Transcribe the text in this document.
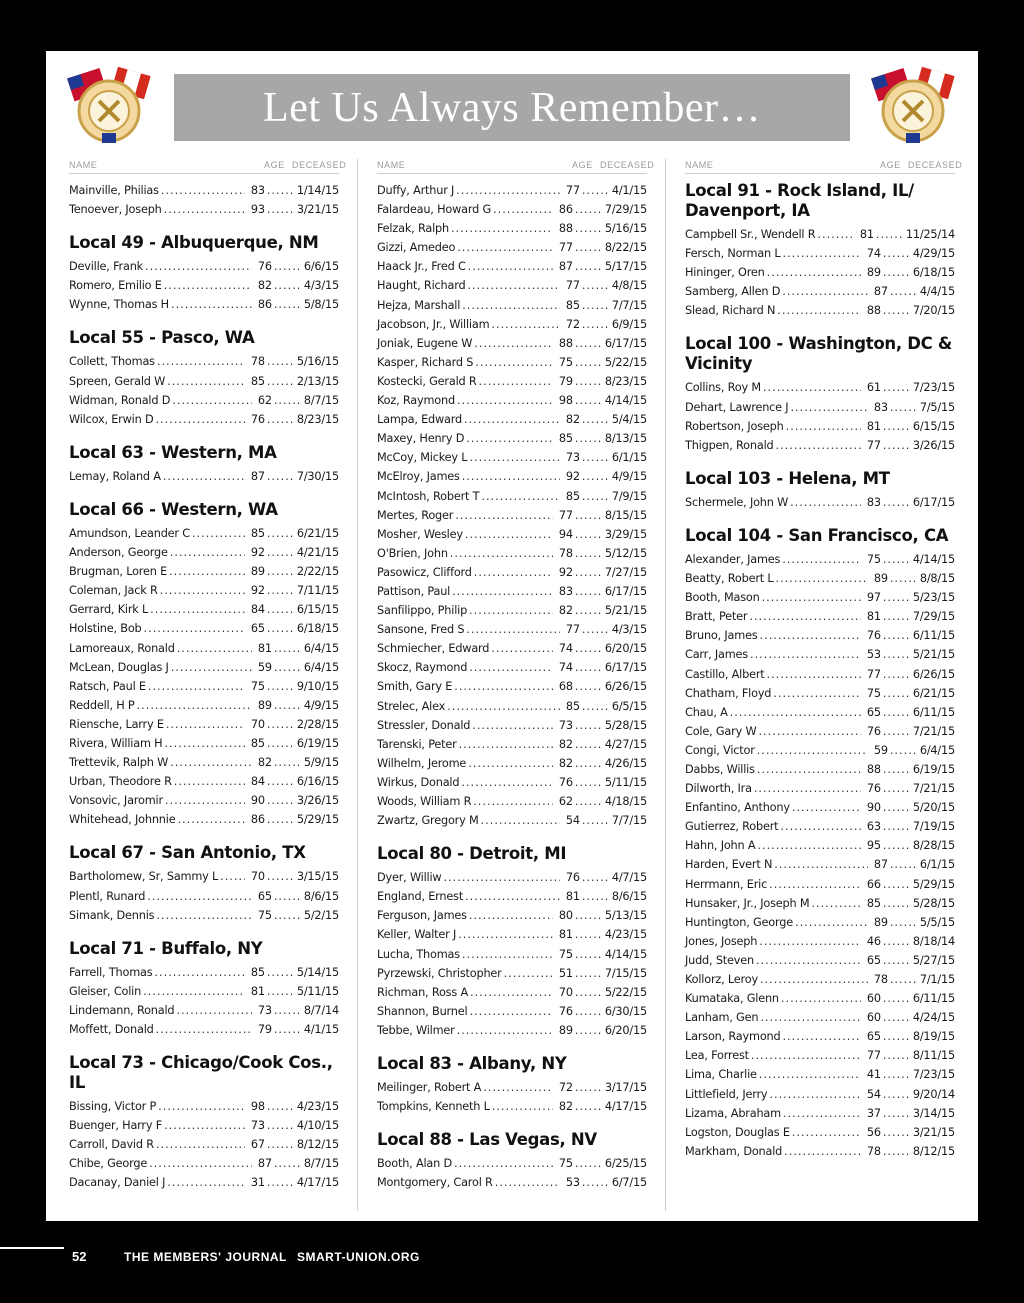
Let Us Always Remember…
NAME	AGE DECEASED
Mainville, Philias .....	83 .....	1/14/15
Tenoever, Joseph .....	93 .....	3/21/15
Local 49 - Albuquerque, NM
Deville, Frank .....	76 .....	6/6/15
Romero, Emilio E .....	82 .....	4/3/15
Wynne, Thomas H .....	86 .....	5/8/15
Local 55 - Pasco, WA
Collett, Thomas .....	78 .....	5/16/15
Spreen, Gerald W .....	85 .....	2/13/15
Widman, Ronald D .....	62 .....	8/7/15
Wilcox, Erwin D .....	76 .....	8/23/15
Local 63 - Western, MA
Lemay, Roland A .....	87 .....	7/30/15
Local 66 - Western, WA
Amundson, Leander C .....	85 .....	6/21/15
Anderson, George .....	92 .....	4/21/15
Brugman, Loren E .....	89 .....	2/22/15
Coleman, Jack R .....	92 .....	7/11/15
Gerrard, Kirk L .....	84 .....	6/15/15
Holstine, Bob .....	65 .....	6/18/15
Lamoreaux, Ronald .....	81 .....	6/4/15
McLean, Douglas J .....	59 .....	6/4/15
Ratsch, Paul E .....	75 .....	9/10/15
Reddell, H P .....	89 .....	4/9/15
Riensche, Larry E .....	70 .....	2/28/15
Rivera, William H .....	85 .....	6/19/15
Trettevik, Ralph W .....	82 .....	5/9/15
Urban, Theodore R .....	84 .....	6/16/15
Vonsovic, Jaromir .....	90 .....	3/26/15
Whitehead, Johnnie .....	86 .....	5/29/15
Local 67 - San Antonio, TX
Bartholomew, Sr, Sammy L .....	70 .....	3/15/15
Plentl, Runard .....	65 .....	8/6/15
Simank, Dennis .....	75 .....	5/2/15
Local 71 - Buffalo, NY
Farrell, Thomas .....	85 .....	5/14/15
Gleiser, Colin .....	81 .....	5/11/15
Lindemann, Ronald .....	73 .....	8/7/14
Moffett, Donald .....	79 .....	4/1/15
Local 73 - Chicago/Cook Cos., IL
Bissing, Victor P .....	98 .....	4/23/15
Buenger, Harry F .....	73 .....	4/10/15
Carroll, David R .....	67 .....	8/12/15
Chibe, George .....	87 .....	8/7/15
Dacanay, Daniel J .....	31 .....	4/17/15
NAME	AGE DECEASED
Duffy, Arthur J .....	77 .....	4/1/15
Falardeau, Howard G .....	86 .....	7/29/15
Felzak, Ralph .....	88 .....	5/16/15
Gizzi, Amedeo .....	77 .....	8/22/15
Haack Jr., Fred C .....	87 .....	5/17/15
Haught, Richard .....	77 .....	4/8/15
Hejza, Marshall .....	85 .....	7/7/15
Jacobson, Jr., William .....	72 .....	6/9/15
Joniak, Eugene W .....	88 .....	6/17/15
Kasper, Richard S .....	75 .....	5/22/15
Kostecki, Gerald R .....	79 .....	8/23/15
Koz, Raymond .....	98 .....	4/14/15
Lampa, Edward .....	82 .....	5/4/15
Maxey, Henry D .....	85 .....	8/13/15
McCoy, Mickey L .....	73 .....	6/1/15
McElroy, James .....	92 .....	4/9/15
McIntosh, Robert T .....	85 .....	7/9/15
Mertes, Roger .....	77 .....	8/15/15
Mosher, Wesley .....	94 .....	3/29/15
O'Brien, John .....	78 .....	5/12/15
Pasowicz, Clifford .....	92 .....	7/27/15
Pattison, Paul .....	83 .....	6/17/15
Sanfilippo, Philip .....	82 .....	5/21/15
Sansone, Fred S .....	77 .....	4/3/15
Schmiecher, Edward .....	74 .....	6/20/15
Skocz, Raymond .....	74 .....	6/17/15
Smith, Gary E .....	68 .....	6/26/15
Strelec, Alex .....	85 .....	6/5/15
Stressler, Donald .....	73 .....	5/28/15
Tarenski, Peter .....	82 .....	4/27/15
Wilhelm, Jerome .....	82 .....	4/26/15
Wirkus, Donald .....	76 .....	5/11/15
Woods, William R .....	62 .....	4/18/15
Zwartz, Gregory M .....	54 .....	7/7/15
Local 80 - Detroit, MI
Dyer, Williw .....	76 .....	4/7/15
England, Ernest .....	81 .....	8/6/15
Ferguson, James .....	80 .....	5/13/15
Keller, Walter J .....	81 .....	4/23/15
Lucha, Thomas .....	75 .....	4/14/15
Pyrzewski, Christopher .....	51 .....	7/15/15
Richman, Ross A .....	70 .....	5/22/15
Shannon, Burnel .....	76 .....	6/30/15
Tebbe, Wilmer .....	89 .....	6/20/15
Local 83 - Albany, NY
Meilinger, Robert A .....	72 .....	3/17/15
Tompkins, Kenneth L .....	82 .....	4/17/15
Local 88 - Las Vegas, NV
Booth, Alan D .....	75 .....	6/25/15
Montgomery, Carol R .....	53 .....	6/7/15
NAME	AGE DECEASED
Local 91 - Rock Island, IL/ Davenport, IA
Campbell Sr., Wendell R .....	81 .....	11/25/14
Fersch, Norman L .....	74 .....	4/29/15
Hininger, Oren .....	89 .....	6/18/15
Samberg, Allen D .....	87 .....	4/4/15
Slead, Richard N .....	88 .....	7/20/15
Local 100 - Washington, DC & Vicinity
Collins, Roy M .....	61 .....	7/23/15
Dehart, Lawrence J .....	83 .....	7/5/15
Robertson, Joseph .....	81 .....	6/15/15
Thigpen, Ronald .....	77 .....	3/26/15
Local 103 - Helena, MT
Schermele, John W .....	83 .....	6/17/15
Local 104 - San Francisco, CA
Alexander, James .....	75 .....	4/14/15
Beatty, Robert L .....	89 .....	8/8/15
Booth, Mason .....	97 .....	5/23/15
Bratt, Peter .....	81 .....	7/29/15
Bruno, James .....	76 .....	6/11/15
Carr, James .....	53 .....	5/21/15
Castillo, Albert .....	77 .....	6/26/15
Chatham, Floyd .....	75 .....	6/21/15
Chau, A .....	65 .....	6/11/15
Cole, Gary W .....	76 .....	7/21/15
Congi, Victor .....	59 .....	6/4/15
Dabbs, Willis .....	88 .....	6/19/15
Dilworth, Ira .....	76 .....	7/21/15
Enfantino, Anthony .....	90 .....	5/20/15
Gutierrez, Robert .....	63 .....	7/19/15
Hahn, John A .....	95 .....	8/28/15
Harden, Evert N .....	87 .....	6/1/15
Herrmann, Eric .....	66 .....	5/29/15
Hunsaker, Jr., Joseph M .....	85 .....	5/28/15
Huntington, George .....	89 .....	5/5/15
Jones, Joseph .....	46 .....	8/18/14
Judd, Steven .....	65 .....	5/27/15
Kollorz, Leroy .....	78 .....	7/1/15
Kumataka, Glenn .....	60 .....	6/11/15
Lanham, Gen .....	60 .....	4/24/15
Larson, Raymond .....	65 .....	8/19/15
Lea, Forrest .....	77 .....	8/11/15
Lima, Charlie .....	41 .....	7/23/15
Littlefield, Jerry .....	54 .....	9/20/14
Lizama, Abraham .....	37 .....	3/14/15
Logston, Douglas E .....	56 .....	3/21/15
Markham, Donald .....	78 .....	8/12/15
52	THE MEMBERS' JOURNAL SMART-UNION.ORG
